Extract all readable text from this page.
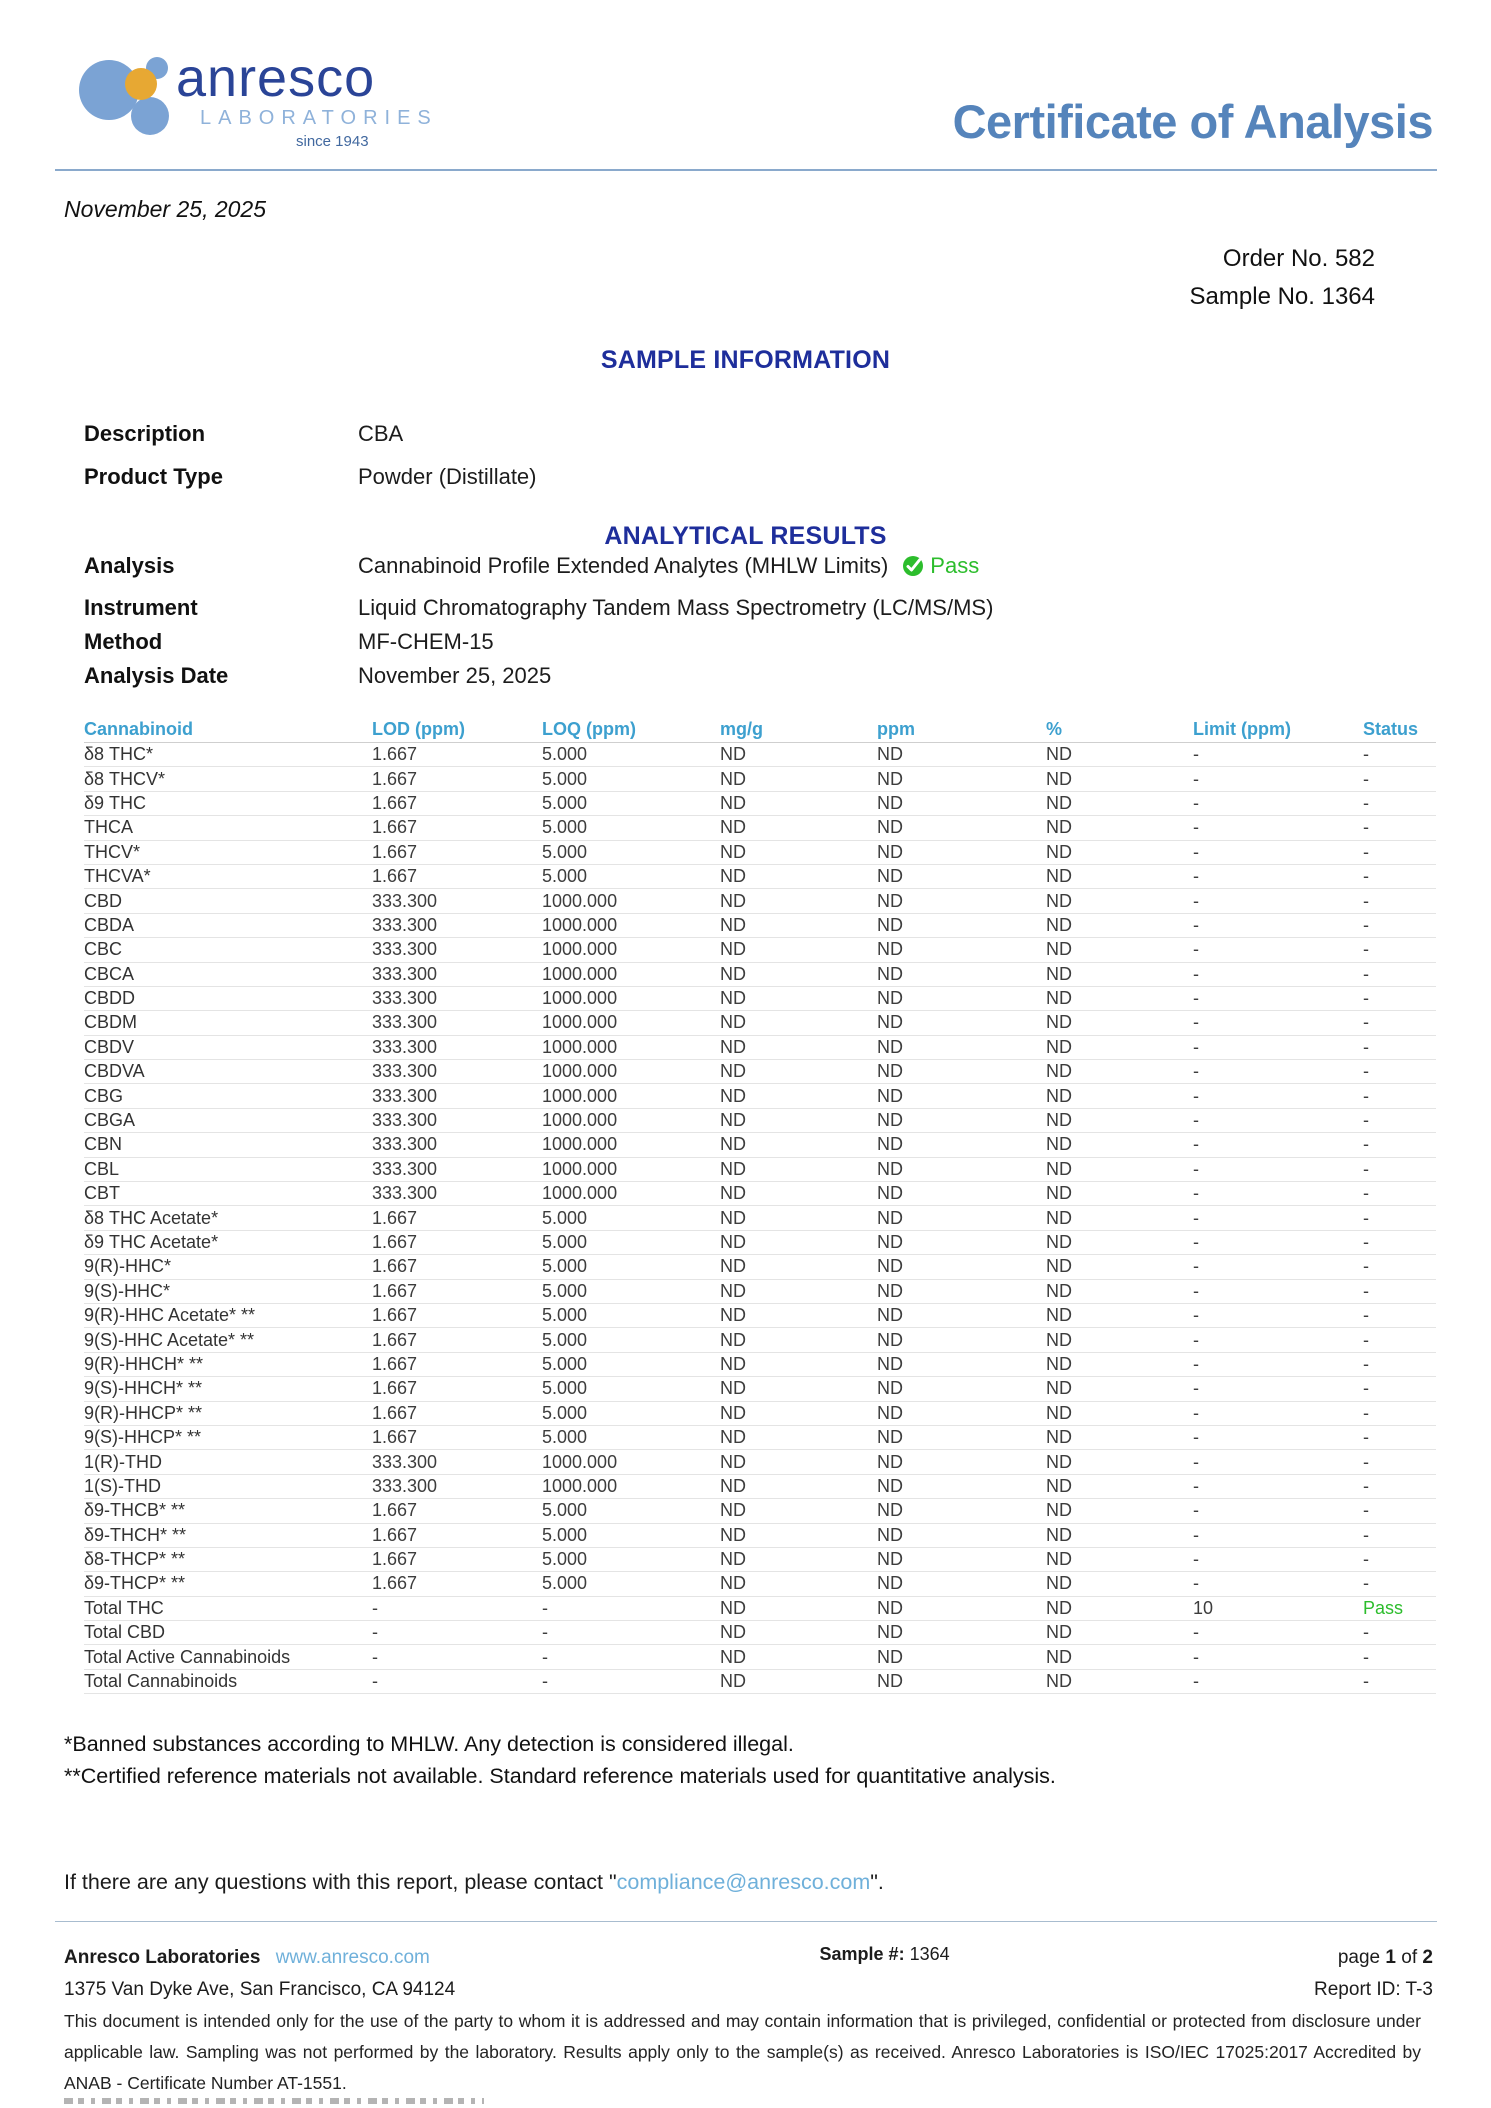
anresco
LABORATORIES
since 1943	Certificate of Analysis
November 25, 2025
Order No. 582
Sample No. 1364
SAMPLE INFORMATION
Description	CBA
Product Type	Powder (Distillate)
ANALYTICAL RESULTS
Analysis	Cannabinoid Profile Extended Analytes (MHLW Limits) Pass
Instrument	Liquid Chromatography Tandem Mass Spectrometry (LC/MS/MS)
Method	MF-CHEM-15
Analysis Date	November 25, 2025
Cannabinoid	LOD (ppm)	LOQ (ppm)	mg/g	ppm	%	Limit (ppm)	Status
δ8 THC*	1.667	5.000	ND	ND	ND	-	-
δ8 THCV*	1.667	5.000	ND	ND	ND	-	-
δ9 THC	1.667	5.000	ND	ND	ND	-	-
THCA	1.667	5.000	ND	ND	ND	-	-
THCV*	1.667	5.000	ND	ND	ND	-	-
THCVA*	1.667	5.000	ND	ND	ND	-	-
CBD	333.300	1000.000	ND	ND	ND	-	-
CBDA	333.300	1000.000	ND	ND	ND	-	-
CBC	333.300	1000.000	ND	ND	ND	-	-
CBCA	333.300	1000.000	ND	ND	ND	-	-
CBDD	333.300	1000.000	ND	ND	ND	-	-
CBDM	333.300	1000.000	ND	ND	ND	-	-
CBDV	333.300	1000.000	ND	ND	ND	-	-
CBDVA	333.300	1000.000	ND	ND	ND	-	-
CBG	333.300	1000.000	ND	ND	ND	-	-
CBGA	333.300	1000.000	ND	ND	ND	-	-
CBN	333.300	1000.000	ND	ND	ND	-	-
CBL	333.300	1000.000	ND	ND	ND	-	-
CBT	333.300	1000.000	ND	ND	ND	-	-
δ8 THC Acetate*	1.667	5.000	ND	ND	ND	-	-
δ9 THC Acetate*	1.667	5.000	ND	ND	ND	-	-
9(R)-HHC*	1.667	5.000	ND	ND	ND	-	-
9(S)-HHC*	1.667	5.000	ND	ND	ND	-	-
9(R)-HHC Acetate* **	1.667	5.000	ND	ND	ND	-	-
9(S)-HHC Acetate* **	1.667	5.000	ND	ND	ND	-	-
9(R)-HHCH* **	1.667	5.000	ND	ND	ND	-	-
9(S)-HHCH* **	1.667	5.000	ND	ND	ND	-	-
9(R)-HHCP* **	1.667	5.000	ND	ND	ND	-	-
9(S)-HHCP* **	1.667	5.000	ND	ND	ND	-	-
1(R)-THD	333.300	1000.000	ND	ND	ND	-	-
1(S)-THD	333.300	1000.000	ND	ND	ND	-	-
δ9-THCB* **	1.667	5.000	ND	ND	ND	-	-
δ9-THCH* **	1.667	5.000	ND	ND	ND	-	-
δ8-THCP* **	1.667	5.000	ND	ND	ND	-	-
δ9-THCP* **	1.667	5.000	ND	ND	ND	-	-
Total THC	-	-	ND	ND	ND	10	Pass
Total CBD	-	-	ND	ND	ND	-	-
Total Active Cannabinoids	-	-	ND	ND	ND	-	-
Total Cannabinoids	-	-	ND	ND	ND	-	-
*Banned substances according to MHLW. Any detection is considered illegal.
**Certified reference materials not available. Standard reference materials used for quantitative analysis.
If there are any questions with this report, please contact "compliance@anresco.com".
Anresco Laboratories www.anresco.com
1375 Van Dyke Ave, San Francisco, CA 94124
Sample #: 1364	page 1 of 2
Report ID: T-3
This document is intended only for the use of the party to whom it is addressed and may contain information that is privileged, confidential or protected from disclosure under applicable law. Sampling was not performed by the laboratory. Results apply only to the sample(s) as received. Anresco Laboratories is ISO/IEC 17025:2017 Accredited by ANAB - Certificate Number AT-1551.
